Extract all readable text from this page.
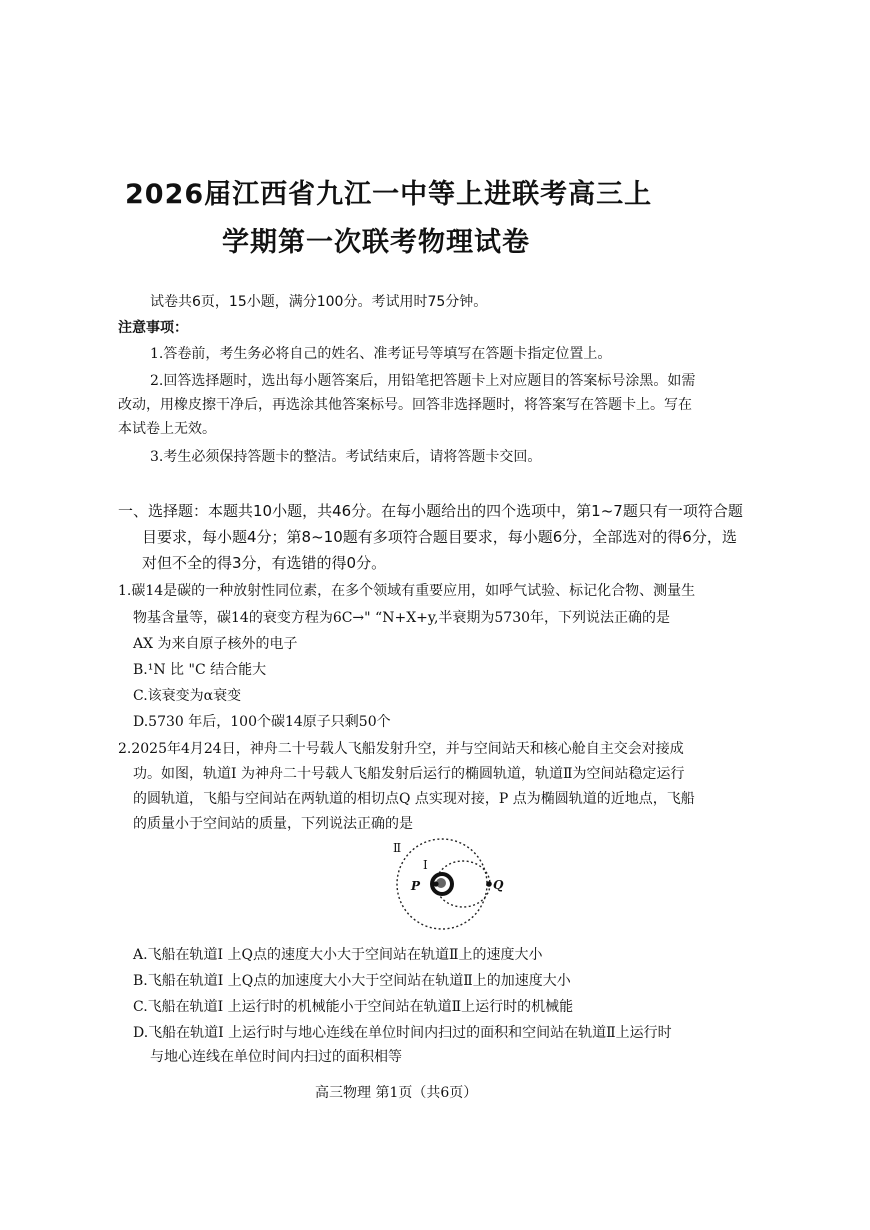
2026届江西省九江一中等上进联考高三上
学期第一次联考物理试卷
试卷共6页，15小题，满分100分。考试用时75分钟。
注意事项：
1.答卷前，考生务必将自己的姓名、准考证号等填写在答题卡指定位置上。
2.回答选择题时，选出每小题答案后，用铅笔把答题卡上对应题目的答案标号涂黑。如需
改动，用橡皮擦干净后，再选涂其他答案标号。回答非选择题时，将答案写在答题卡上。写在
本试卷上无效。
3.考生必须保持答题卡的整洁。考试结束后，请将答题卡交回。
一、选择题：本题共10小题，共46分。在每小题给出的四个选项中，第1~7题只有一项符合题
目要求，每小题4分；第8~10题有多项符合题目要求，每小题6分，全部选对的得6分，选
对但不全的得3分，有选错的得0分。
1.碳14是碳的一种放射性同位素，在多个领域有重要应用，如呼气试验、标记化合物、测量生
物基含量等，碳14的衰变方程为6C→" “N+X+y,半衰期为5730年，下列说法正确的是
AX 为来自原子核外的电子
B.¹N 比 "C 结合能大
C.该衰变为α衰变
D.5730 年后，100个碳14原子只剩50个
2.2025年4月24日，神舟二十号载人飞船发射升空，并与空间站天和核心舱自主交会对接成
功。如图，轨道I 为神舟二十号载人飞船发射后运行的椭圆轨道，轨道Ⅱ为空间站稳定运行
的圆轨道，飞船与空间站在两轨道的相切点Q 点实现对接，P 点为椭圆轨道的近地点，飞船
的质量小于空间站的质量，下列说法正确的是
Ⅱ
I
P	Q
A.飞船在轨道I 上Q点的速度大小大于空间站在轨道Ⅱ上的速度大小
B.飞船在轨道I 上Q点的加速度大小大于空间站在轨道Ⅱ上的加速度大小
C.飞船在轨道I 上运行时的机械能小于空间站在轨道Ⅱ上运行时的机械能
D.飞船在轨道I 上运行时与地心连线在单位时间内扫过的面积和空间站在轨道Ⅱ上运行时
与地心连线在单位时间内扫过的面积相等
高三物理 第1页（共6页）
